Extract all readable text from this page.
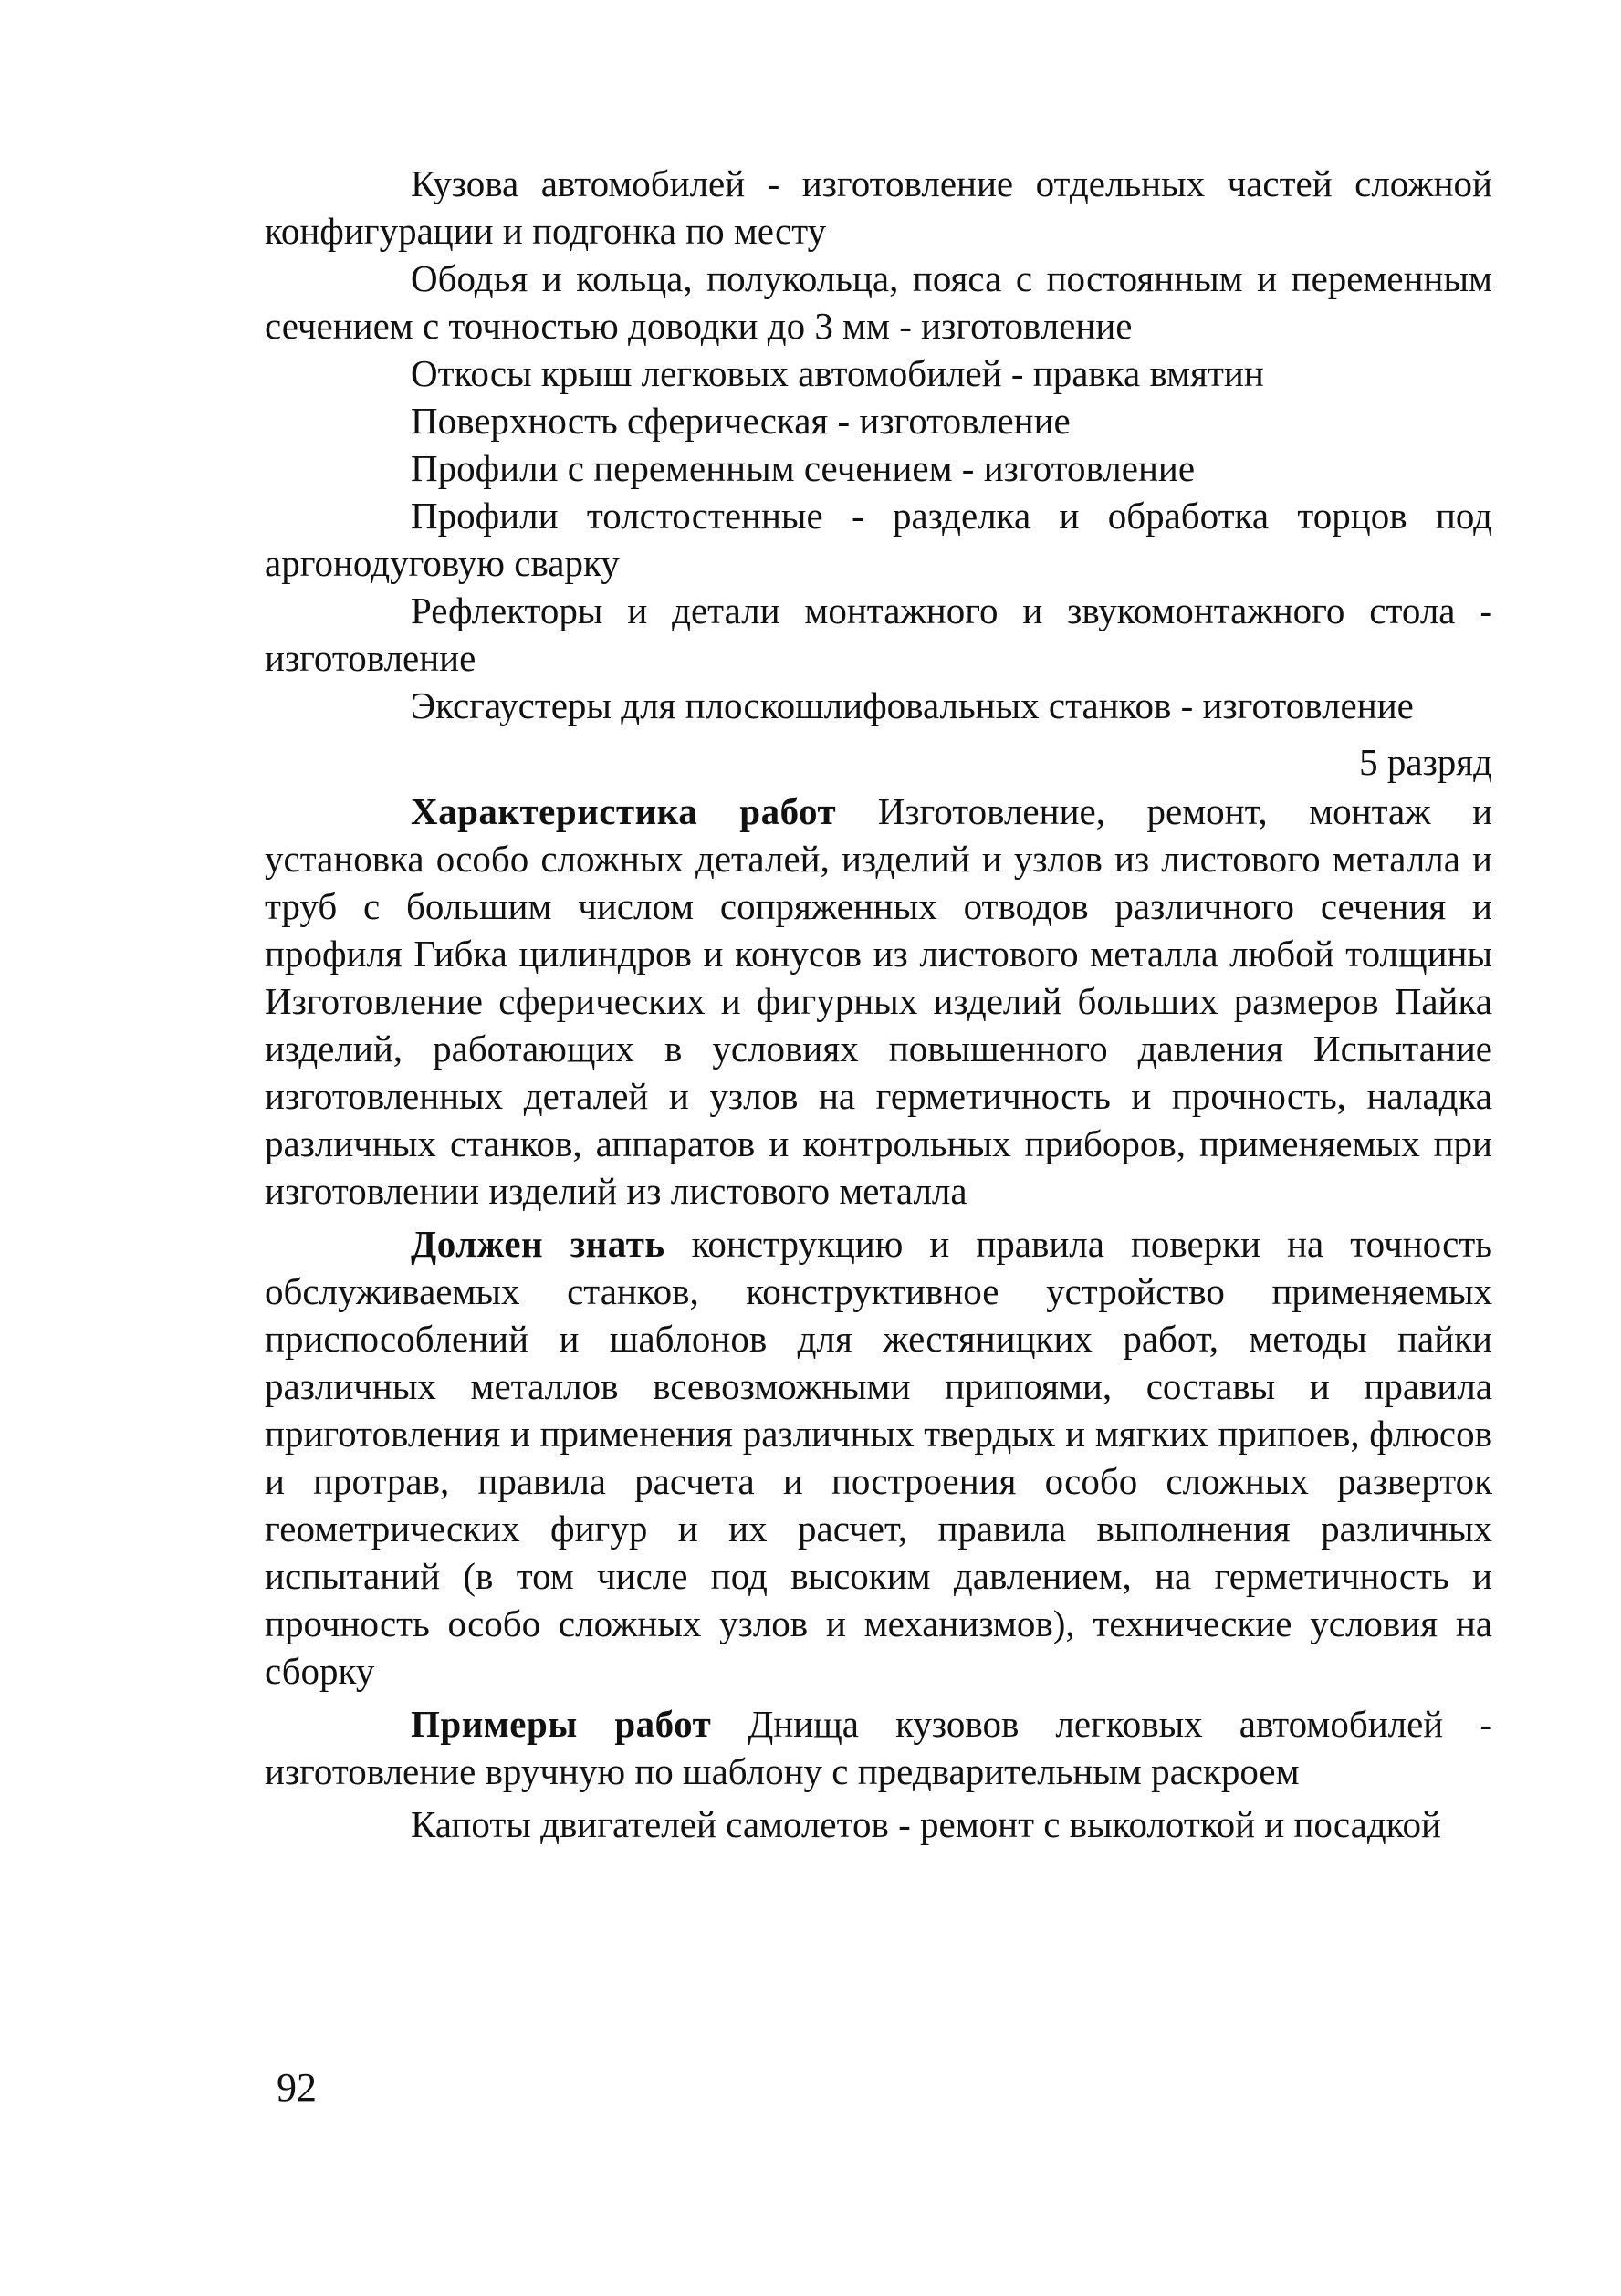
Кузова автомобилей - изготовление отдельных частей сложной конфигурации и подгонка по месту

Ободья и кольца, полукольца, пояса с постоянным и переменным сечением с точностью доводки до 3 мм - изготовление

Откосы крыш легковых автомобилей - правка вмятин

Поверхность сферическая - изготовление

Профили с переменным сечением - изготовление

Профили толстостенные - разделка и обработка торцов под аргонодуговую сварку

Рефлекторы и детали монтажного и звукомонтажного стола - изготовление

Эксгаустеры для плоскошлифовальных станков - изготовление

5 разряд

Характеристика работ Изготовление, ремонт, монтаж и установка особо сложных деталей, изделий и узлов из листового металла и труб с большим числом сопряженных отводов различного сечения и профиля Гибка цилиндров и конусов из листового металла любой толщины Изготовление сферических и фигурных изделий больших размеров Пайка изделий, работающих в условиях повышенного давления Испытание изготовленных деталей и узлов на герметичность и прочность, наладка различных станков, аппаратов и контрольных приборов, применяемых при изготовлении изделий из листового металла

Должен знать конструкцию и правила поверки на точность обслуживаемых станков, конструктивное устройство применяемых приспособлений и шаблонов для жестяницких работ, методы пайки различных металлов всевозможными припоями, составы и правила приготовления и применения различных твердых и мягких припоев, флюсов и протрав, правила расчета и построения особо сложных разверток геометрических фигур и их расчет, правила выполнения различных испытаний (в том числе под высоким давлением, на герметичность и прочность особо сложных узлов и механизмов), технические условия на сборку

Примеры работ Днища кузовов легковых автомобилей - изготовление вручную по шаблону с предварительным раскроем

Капоты двигателей самолетов - ремонт с выколоткой и посадкой

92
